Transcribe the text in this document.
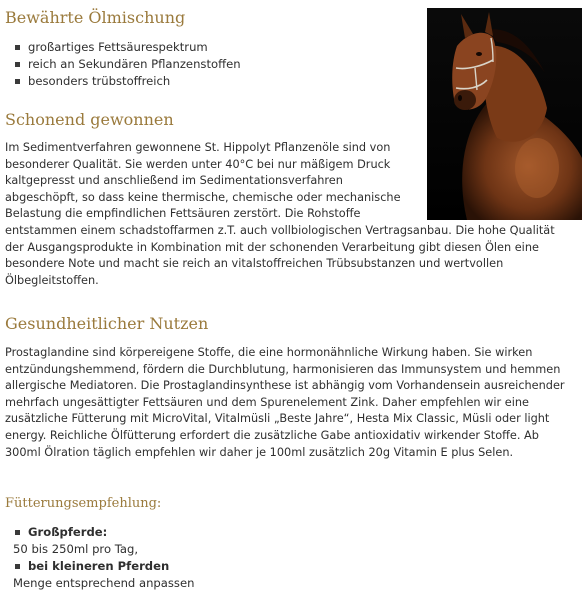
Bewährte Ölmischung
großartiges Fettsäurespektrum
reich an Sekundären Pflanzenstoffen
besonders trübstoffreich
Schonend gewonnen

Im Sedimentverfahren gewonnene St. Hippolyt Pflanzenöle sind von
besonderer Qualität. Sie werden unter 40°C bei nur mäßigem Druck
kaltgepresst und anschließend im Sedimentationsverfahren
abgeschöpft, so dass keine thermische, chemische oder mechanische
Belastung die empfindlichen Fettsäuren zerstört. Die Rohstoffe
entstammen einem schadstoffarmen z.T. auch vollbiologischen Vertragsanbau. Die hohe Qualität
der Ausgangsprodukte in Kombination mit der schonenden Verarbeitung gibt diesen Ölen eine
besondere Note und macht sie reich an vitalstoffreichen Trübsubstanzen und wertvollen
Ölbegleitstoffen.

Gesundheitlicher Nutzen

Prostaglandine sind körpereigene Stoffe, die eine hormonähnliche Wirkung haben. Sie wirken
entzündungshemmend, fördern die Durchblutung, harmonisieren das Immunsystem und hemmen
allergische Mediatoren. Die Prostaglandinsynthese ist abhängig vom Vorhandensein ausreichender
mehrfach ungesättigter Fettsäuren und dem Spurenelement Zink. Daher empfehlen wir eine
zusätzliche Fütterung mit MicroVital, Vitalmüsli „Beste Jahre“, Hesta Mix Classic, Müsli oder light
energy. Reichliche Ölfütterung erfordert die zusätzliche Gabe antioxidativ wirkender Stoffe. Ab
300ml Ölration täglich empfehlen wir daher je 100ml zusätzlich 20g Vitamin E plus Selen.

Fütterungsempfehlung:
Großpferde:
50 bis 250ml pro Tag,
bei kleineren Pferden
Menge entsprechend anpassen
